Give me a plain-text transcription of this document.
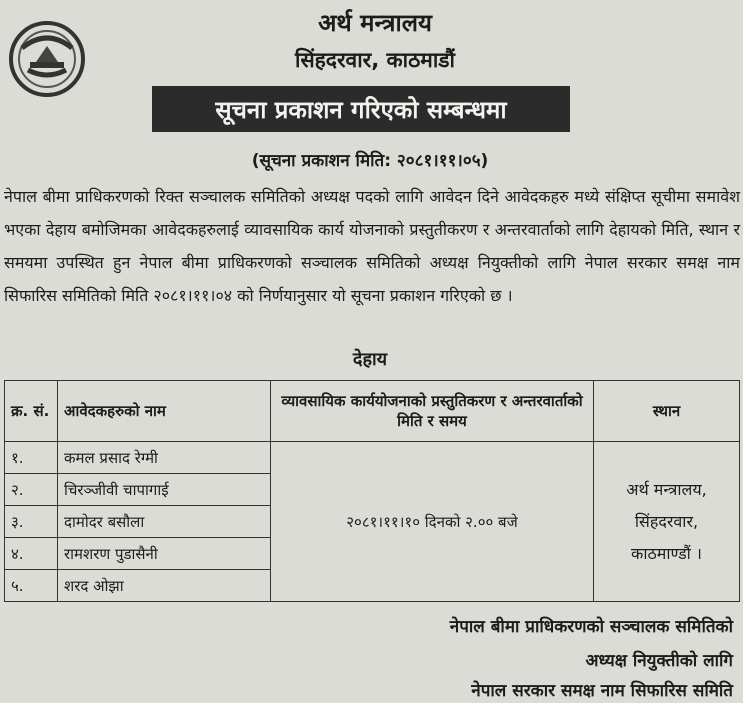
अर्थ मन्त्रालय
सिंहदरवार, काठमाडौं
सूचना प्रकाशन गरिएको सम्बन्धमा
(सूचना प्रकाशन मिति: २०८१।११।०५)
नेपाल बीमा प्राधिकरणको रिक्त सञ्चालक समितिको अध्यक्ष पदको लागि आवेदन दिने आवेदकहरु मध्ये संक्षिप्त सूचीमा समावेश भएका देहाय बमोजिमका आवेदकहरुलाई व्यावसायिक कार्य योजनाको प्रस्तुतीकरण र अन्तरवार्ताको लागि देहायको मिति, स्थान र समयमा उपस्थित हुन नेपाल बीमा प्राधिकरणको सञ्चालक समितिको अध्यक्ष नियुक्तीको लागि नेपाल सरकार समक्ष नाम सिफारिस समितिको मिति २०८१।११।०४ को निर्णयानुसार यो सूचना प्रकाशन गरिएको छ ।
देहाय
क्र. सं.	आवेदकहरुको नाम	व्यावसायिक कार्ययोजनाको प्रस्तुतिकरण र अन्तरवार्ताको मिति र समय	स्थान
१.	कमल प्रसाद रेग्मी	२०८१।११।१० दिनको २.०० बजे	अर्थ मन्त्रालय,
सिंहदरवार,
काठमाण्डौं ।

२.	चिरञ्जीवी चापागाई		
३.	दामोदर बसौला		
४.	रामशरण पुडासैनी		
५.	शरद ओझा		
नेपाल बीमा प्राधिकरणको सञ्चालक समितिको
अध्यक्ष नियुक्तीको लागि
नेपाल सरकार समक्ष नाम सिफारिस समिति
